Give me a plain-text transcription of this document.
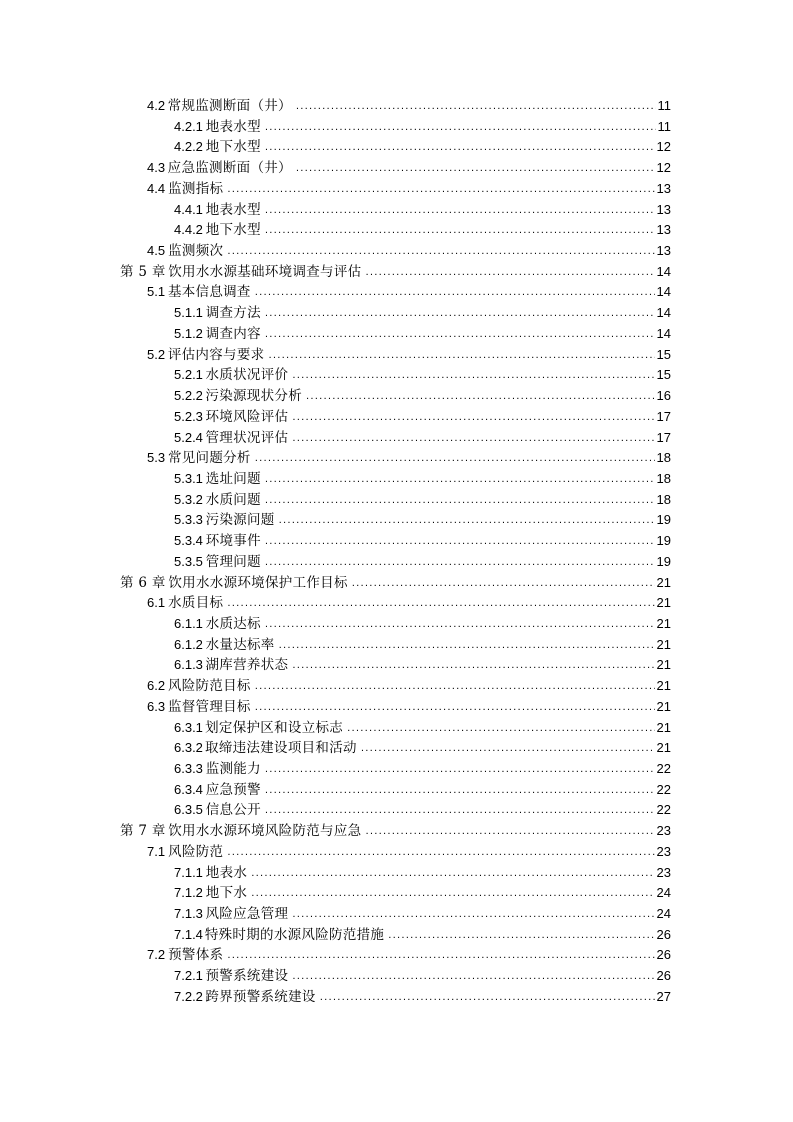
4.2 常规监测断面（井） .....	11
4.2.1 地表水型 .....	11
4.2.2 地下水型 .....	12
4.3 应急监测断面（井） .....	12
4.4 监测指标 .....	13
4.4.1 地表水型 .....	13
4.4.2 地下水型 .....	13
4.5 监测频次 .....	13
第 5 章 饮用水水源基础环境调查与评估 .....	14
5.1 基本信息调查 .....	14
5.1.1 调查方法 .....	14
5.1.2 调查内容 .....	14
5.2 评估内容与要求 .....	15
5.2.1 水质状况评价 .....	15
5.2.2 污染源现状分析 .....	16
5.2.3 环境风险评估 .....	17
5.2.4 管理状况评估 .....	17
5.3 常见问题分析 .....	18
5.3.1 选址问题 .....	18
5.3.2 水质问题 .....	18
5.3.3 污染源问题 .....	19
5.3.4 环境事件 .....	19
5.3.5 管理问题 .....	19
第 6 章 饮用水水源环境保护工作目标 .....	21
6.1 水质目标 .....	21
6.1.1 水质达标 .....	21
6.1.2 水量达标率 .....	21
6.1.3 湖库营养状态 .....	21
6.2 风险防范目标 .....	21
6.3 监督管理目标 .....	21
6.3.1 划定保护区和设立标志 .....	21
6.3.2 取缔违法建设项目和活动 .....	21
6.3.3 监测能力 .....	22
6.3.4 应急预警 .....	22
6.3.5 信息公开 .....	22
第 7 章 饮用水水源环境风险防范与应急 .....	23
7.1 风险防范 .....	23
7.1.1 地表水 .....	23
7.1.2 地下水 .....	24
7.1.3 风险应急管理 .....	24
7.1.4 特殊时期的水源风险防范措施 .....	26
7.2 预警体系 .....	26
7.2.1 预警系统建设 .....	26
7.2.2 跨界预警系统建设 .....	27
